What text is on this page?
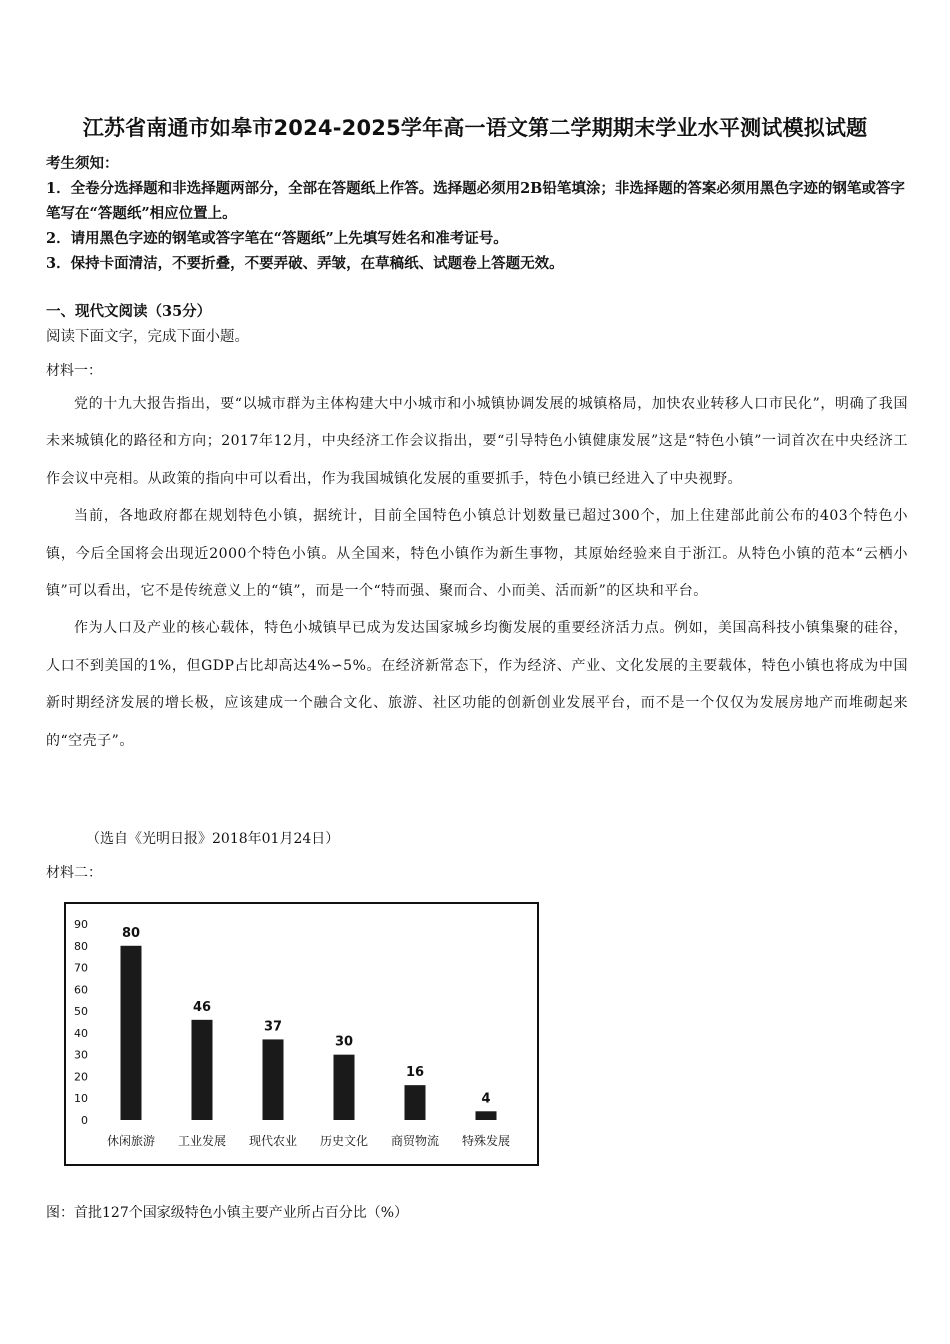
江苏省南通市如皋市2024-2025学年高一语文第二学期期末学业水平测试模拟试题
考生须知：

1．全卷分选择题和非选择题两部分，全部在答题纸上作答。选择题必须用2B铅笔填涂；非选择题的答案必须用黑色字迹的钢笔或答字笔写在“答题纸”相应位置上。

2．请用黑色字迹的钢笔或答字笔在“答题纸”上先填写姓名和准考证号。

3．保持卡面清洁，不要折叠，不要弄破、弄皱，在草稿纸、试题卷上答题无效。

一、现代文阅读（35分）
阅读下面文字，完成下面小题。
材料一：

党的十九大报告指出，要“以城市群为主体构建大中小城市和小城镇协调发展的城镇格局，加快农业转移人口市民化”，明确了我国未来城镇化的路径和方向；2017年12月，中央经济工作会议指出，要“引导特色小镇健康发展”这是“特色小镇”一词首次在中央经济工作会议中亮相。从政策的指向中可以看出，作为我国城镇化发展的重要抓手，特色小镇已经进入了中央视野。

当前，各地政府都在规划特色小镇，据统计，目前全国特色小镇总计划数量已超过300个，加上住建部此前公布的403个特色小镇，今后全国将会出现近2000个特色小镇。从全国来，特色小镇作为新生事物，其原始经验来自于浙江。从特色小镇的范本“云栖小镇”可以看出，它不是传统意义上的“镇”，而是一个“特而强、聚而合、小而美、活而新”的区块和平台。

作为人口及产业的核心载体，特色小城镇早已成为发达国家城乡均衡发展的重要经济活力点。例如，美国高科技小镇集聚的硅谷，人口不到美国的1%，但GDP占比却高达4%∽5%。在经济新常态下，作为经济、产业、文化发展的主要载体，特色小镇也将成为中国新时期经济发展的增长极，应该建成一个融合文化、旅游、社区功能的创新创业发展平台，而不是一个仅仅为发展房地产而堆砌起来的“空壳子”。

（选自《光明日报》2018年01月24日）
材料二：
0
10
20
30
40
50
60
70
80
90
80
休闲旅游
46
工业发展
37
现代农业
30
历史文化
16
商贸物流
4
特殊发展
图：首批127个国家级特色小镇主要产业所占百分比（%）
